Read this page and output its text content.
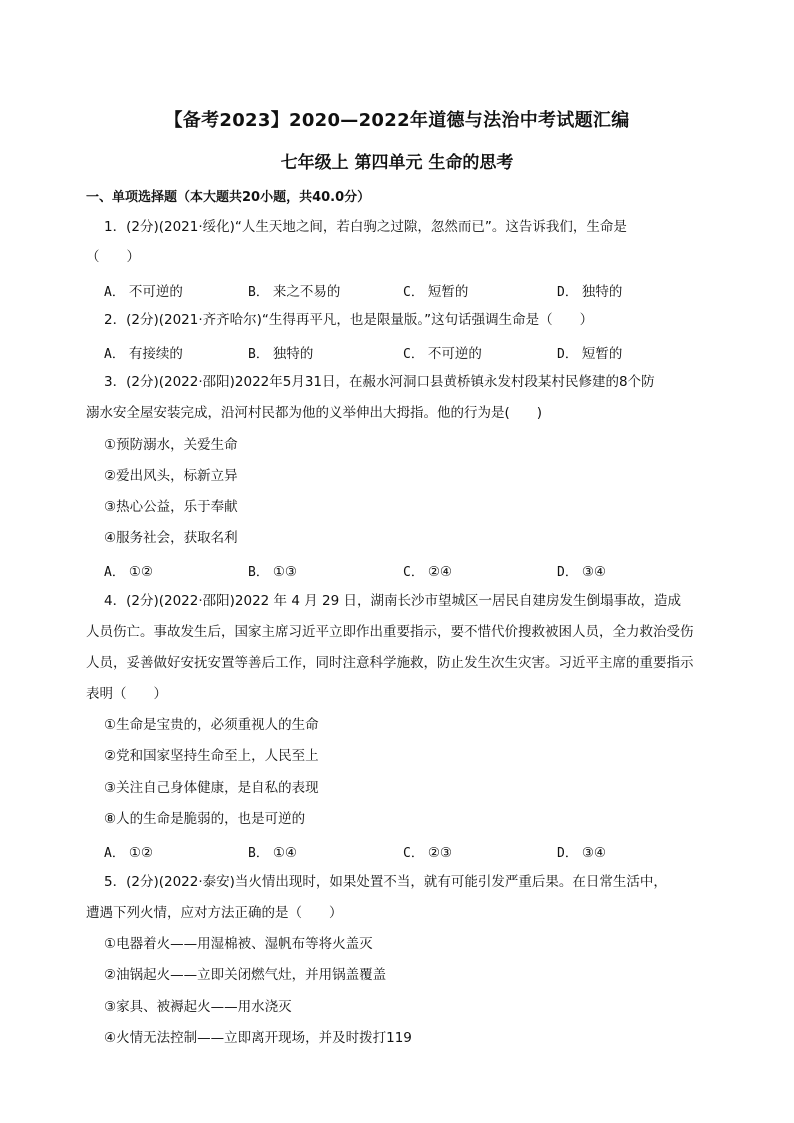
【备考2023】2020—2022年道德与法治中考试题汇编
七年级上 第四单元 生命的思考
一、单项选择题（本大题共20小题，共40.0分）
1．(2分)(2021·绥化)“人生天地之间，若白驹之过隙，忽然而已”。这告诉我们，生命是
（　　）
A． 不可逆的	B． 来之不易的	C． 短暂的	D． 独特的
2．(2分)(2021·齐齐哈尔)“生得再平凡，也是限量版。”这句话强调生命是（　　）
A． 有接续的	B． 独特的	C． 不可逆的	D． 短暂的
3．(2分)(2022·邵阳)2022年5月31日，在赧水河洞口县黄桥镇永发村段某村民修建的8个防
溺水安全屋安装完成，沿河村民都为他的义举伸出大拇指。他的行为是(　　)
①预防溺水，关爱生命
②爱出风头，标新立异
③热心公益，乐于奉献
④服务社会，获取名利
A． ①②	B． ①③	C． ②④	D． ③④
4．(2分)(2022·邵阳)2022 年 4 月 29 日，湖南长沙市望城区一居民自建房发生倒塌事故，造成
人员伤亡。事故发生后，国家主席习近平立即作出重要指示，要不惜代价搜救被困人员，全力救治受伤
人员，妥善做好安抚安置等善后工作，同时注意科学施救，防止发生次生灾害。习近平主席的重要指示
表明（　　）
①生命是宝贵的，必须重视人的生命
②党和国家坚持生命至上，人民至上
③关注自己身体健康，是自私的表现
⑧人的生命是脆弱的，也是可逆的
A． ①②	B． ①④	C． ②③	D． ③④
5．(2分)(2022·泰安)当火情出现时，如果处置不当，就有可能引发严重后果。在日常生活中，
遭遇下列火情，应对方法正确的是（　　）
①电器着火——用湿棉被、湿帆布等将火盖灭
②油锅起火——立即关闭燃气灶，并用锅盖覆盖
③家具、被褥起火——用水浇灭
④火情无法控制——立即离开现场，并及时拨打119
